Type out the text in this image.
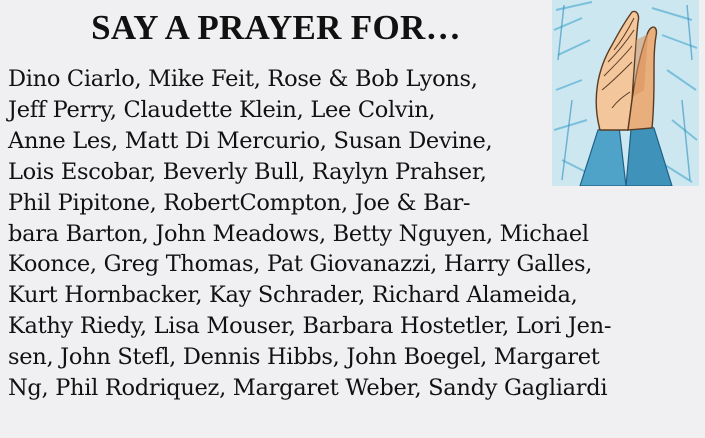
SAY A PRAYER FOR…
Dino Ciarlo, Mike Feit, Rose & Bob Lyons,
Jeff Perry, Claudette Klein, Lee Colvin,
Anne Les, Matt Di Mercurio, Susan Devine,
Lois Escobar, Beverly Bull, Raylyn Prahser,
Phil Pipitone, RobertCompton, Joe & Bar-
bara Barton, John Meadows, Betty Nguyen, Michael
Koonce, Greg Thomas, Pat Giovanazzi, Harry Galles,
Kurt Hornbacker, Kay Schrader, Richard Alameida,
Kathy Riedy, Lisa Mouser, Barbara Hostetler, Lori Jen-
sen, John Stefl, Dennis Hibbs, John Boegel, Margaret
Ng, Phil Rodriquez, Margaret Weber, Sandy Gagliardi
